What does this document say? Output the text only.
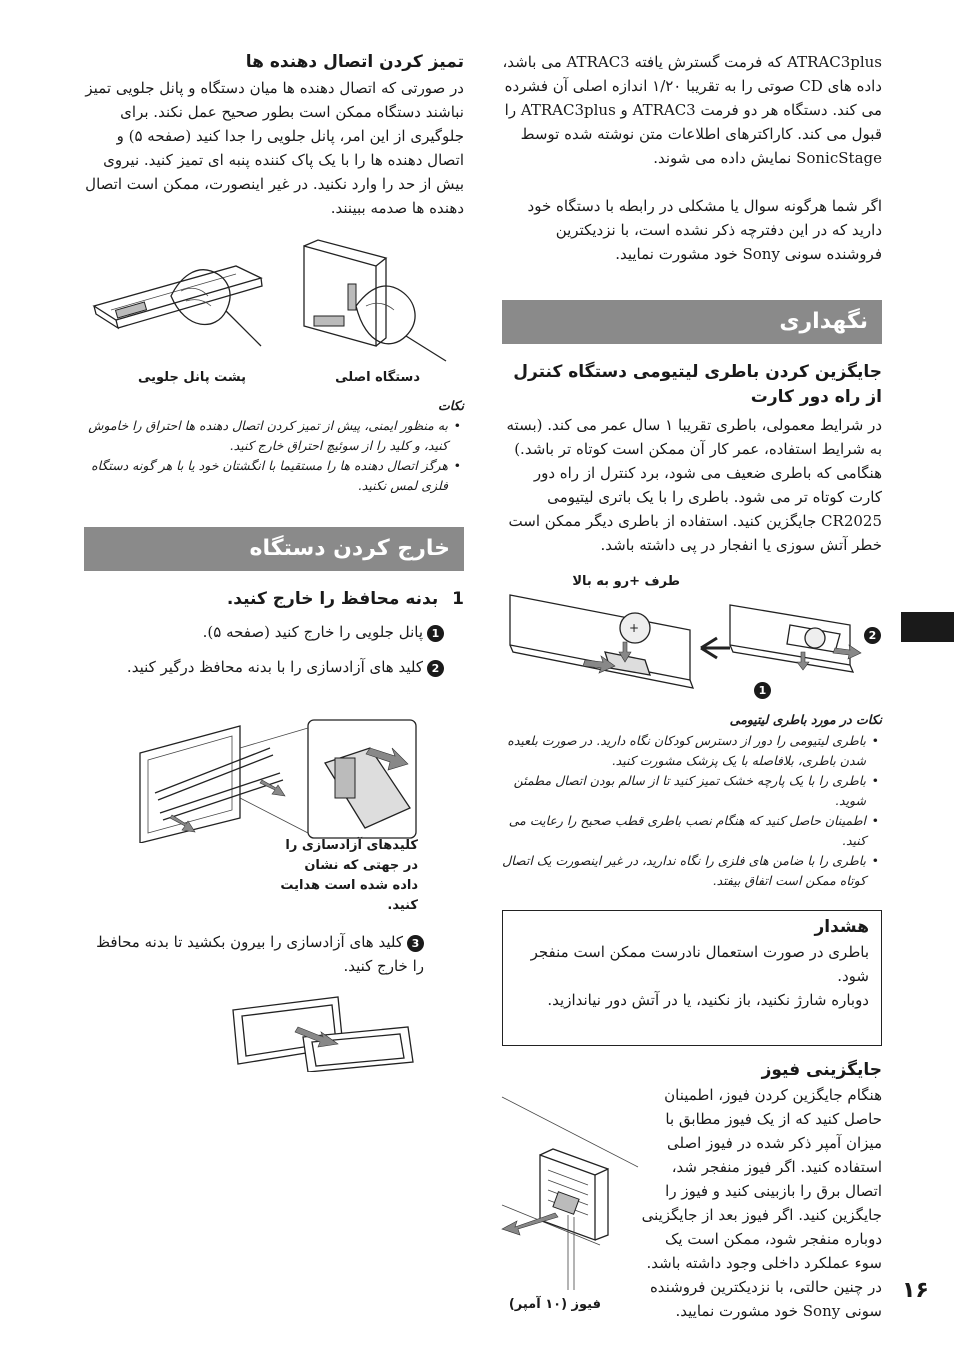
تمیز کردن اتصال دهنده ها
در صورتی که اتصال دهنده ها میان دستگاه و پانل جلویی تمیز نباشند دستگاه ممکن است بطور صحیح عمل نکند. برای جلوگیری از این امر، پانل جلویی را جدا کنید (صفحه ۵) و اتصال دهنده ها را با یک پاک کننده پنبه ای تمیز کنید. نیروی بیش از حد را وارد نکنید. در غیر اینصورت، ممکن است اتصال دهنده ها صدمه ببینند.
دستگاه اصلی
پشت پانل جلویی
نکات
• به منظور ایمنی، پیش از تمیز کردن اتصال دهنده ها احتراق را خاموش کنید، و کلید را از سوئیچ احتراق خارج کنید.
• هرگز اتصال دهنده ها را مستقیما با انگشتان خود یا با هر گونه دستگاه فلزی لمس نکنید.
خارج کردن دستگاه
1 بدنه محافظ را خارج کنید.
1پانل جلویی را خارج کنید (صفحه ۵).
2کلید های آزادسازی را با بدنه محافظ درگیر کنید.
کلیدهای آزادسازی را در جهتی که نشان داده شده است هدایت کنید.
3کلید های آزادسازی را بیرون بکشید تا بدنه محافظ را خارج کنید.
ATRAC3plus که فرمت گسترش یافته ATRAC3 می باشد، داده های CD صوتی را به تقریبا ۱/۲۰ اندازه اصلی آن فشرده می کند. دستگاه هر دو فرمت ATRAC3 و ATRAC3plus را قبول می کند. کاراکترهای اطلاعات متن نوشته شده توسط SonicStage نمایش داده می شوند.
اگر شما هرگونه سوال یا مشکلی در رابطه با دستگاه خود دارید که در این دفترچه ذکر نشده است، با نزدیکترین فروشنده سونی Sony خود مشورت نمایید.
نگهداری
جایگزین کردن باطری لیتیومی دستگاه کنترل از راه دور کارت
در شرایط معمولی، باطری تقریبا ۱ سال عمر می کند. (بسته به شرایط استفاده، عمر کار آن ممکن است کوتاه تر باشد.) هنگامی که باطری ضعیف می شود، برد کنترل از راه دور کارت کوتاه تر می شود. باطری را با یک باتری لیتیومی CR2025 جایگزین کنید. استفاده از باطری دیگر ممکن است خطر آتش سوزی یا انفجار در پی داشته باشد.
طرف +رو به بالا
+
1
2
نکات در مورد باطری لیتیومی
• باطری لیتیومی را دور از دسترس کودکان نگاه دارید. در صورت بلعیده شدن باطری، بلافاصله با یک پزشک مشورت کنید.
• باطری را با یک پارچه خشک تمیز کنید تا از سالم بودن اتصال مطمئن شوید.
• اطمینان حاصل کنید که هنگام نصب باطری قطب صحیح را رعایت می کنید.
• باطری را با ضامن های فلزی را نگاه ندارید، در غیر اینصورت یک اتصال کوتاه ممکن است اتفاق بیفتد.
هشدار
باطری در صورت استعمال نادرست ممکن است منفجر شود.
دوباره شارژ نکنید، باز نکنید، یا در آتش دور نیاندازید.
جایگزینی فیوز
هنگام جایگزین کردن فیوز، اطمینان حاصل کنید که از یک فیوز مطابق با میزان آمپر ذکر شده در فیوز اصلی استفاده کنید. اگر فیوز منفجر شد، اتصال برق را بازبینی کنید و فیوز را جایگزین کنید. اگر فیوز بعد از جایگزینی دوباره منفجر شود، ممکن است یک سوء عملکرد داخلی وجود داشته باشد. در چنین حالتی، با نزدیکترین فروشنده سونی Sony خود مشورت نمایید.
فیوز (۱۰ آمپر)
۱۶
